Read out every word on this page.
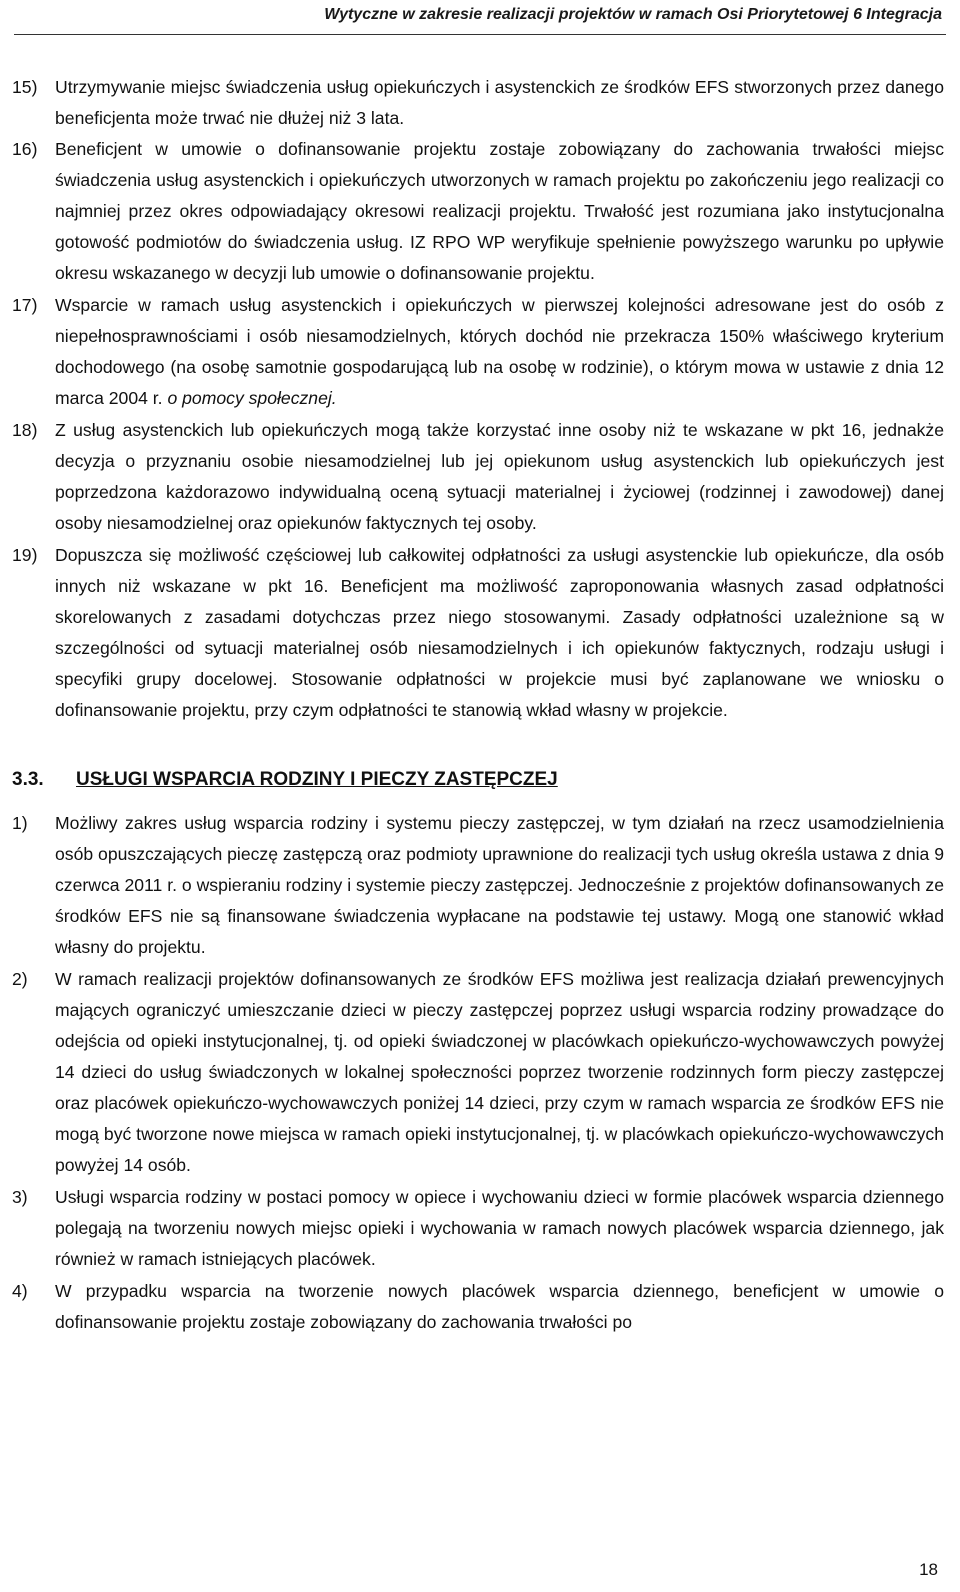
Wytyczne w zakresie realizacji projektów w ramach Osi Priorytetowej 6 Integracja
15) Utrzymywanie miejsc świadczenia usług opiekuńczych i asystenckich ze środków EFS stworzonych przez danego beneficjenta może trwać nie dłużej niż 3 lata.
16) Beneficjent w umowie o dofinansowanie projektu zostaje zobowiązany do zachowania trwałości miejsc świadczenia usług asystenckich i opiekuńczych utworzonych w ramach projektu po zakończeniu jego realizacji co najmniej przez okres odpowiadający okresowi realizacji projektu. Trwałość jest rozumiana jako instytucjonalna gotowość podmiotów do świadczenia usług. IZ RPO WP weryfikuje spełnienie powyższego warunku po upływie okresu wskazanego w decyzji lub umowie o dofinansowanie projektu.
17) Wsparcie w ramach usług asystenckich i opiekuńczych w pierwszej kolejności adresowane jest do osób z niepełnosprawnościami i osób niesamodzielnych, których dochód nie przekracza 150% właściwego kryterium dochodowego (na osobę samotnie gospodarującą lub na osobę w rodzinie), o którym mowa w ustawie z dnia 12 marca 2004 r. o pomocy społecznej.
18) Z usług asystenckich lub opiekuńczych mogą także korzystać inne osoby niż te wskazane w pkt 16, jednakże decyzja o przyznaniu osobie niesamodzielnej lub jej opiekunom usług asystenckich lub opiekuńczych jest poprzedzona każdorazowo indywidualną oceną sytuacji materialnej i życiowej (rodzinnej i zawodowej) danej osoby niesamodzielnej oraz opiekunów faktycznych tej osoby.
19) Dopuszcza się możliwość częściowej lub całkowitej odpłatności za usługi asystenckie lub opiekuńcze, dla osób innych niż wskazane w pkt 16. Beneficjent ma możliwość zaproponowania własnych zasad odpłatności skorelowanych z zasadami dotychczas przez niego stosowanymi. Zasady odpłatności uzależnione są w szczególności od sytuacji materialnej osób niesamodzielnych i ich opiekunów faktycznych, rodzaju usługi i specyfiki grupy docelowej. Stosowanie odpłatności w projekcie musi być zaplanowane we wniosku o dofinansowanie projektu, przy czym odpłatności te stanowią wkład własny w projekcie.
3.3.	USŁUGI WSPARCIA RODZINY I PIECZY ZASTĘPCZEJ
1)	Możliwy zakres usług wsparcia rodziny i systemu pieczy zastępczej, w tym działań na rzecz usamodzielnienia osób opuszczających pieczę zastępczą oraz podmioty uprawnione do realizacji tych usług określa ustawa z dnia 9 czerwca 2011 r. o wspieraniu rodziny i systemie pieczy zastępczej. Jednocześnie z projektów dofinansowanych ze środków EFS nie są finansowane świadczenia wypłacane na podstawie tej ustawy. Mogą one stanowić wkład własny do projektu.
2)	W ramach realizacji projektów dofinansowanych ze środków EFS możliwa jest realizacja działań prewencyjnych mających ograniczyć umieszczanie dzieci w pieczy zastępczej poprzez usługi wsparcia rodziny prowadzące do odejścia od opieki instytucjonalnej, tj. od opieki świadczonej w placówkach opiekuńczo-wychowawczych powyżej 14 dzieci do usług świadczonych w lokalnej społeczności poprzez tworzenie rodzinnych form pieczy zastępczej oraz placówek opiekuńczo-wychowawczych poniżej 14 dzieci, przy czym w ramach wsparcia ze środków EFS nie mogą być tworzone nowe miejsca w ramach opieki instytucjonalnej, tj. w placówkach opiekuńczo-wychowawczych powyżej 14 osób.
3)	Usługi wsparcia rodziny w postaci pomocy w opiece i wychowaniu dzieci w formie placówek wsparcia dziennego polegają na tworzeniu nowych miejsc opieki i wychowania w ramach nowych placówek wsparcia dziennego, jak również w ramach istniejących placówek.
4)	W przypadku wsparcia na tworzenie nowych placówek wsparcia dziennego, beneficjent w umowie o dofinansowanie projektu zostaje zobowiązany do zachowania trwałości po
18
